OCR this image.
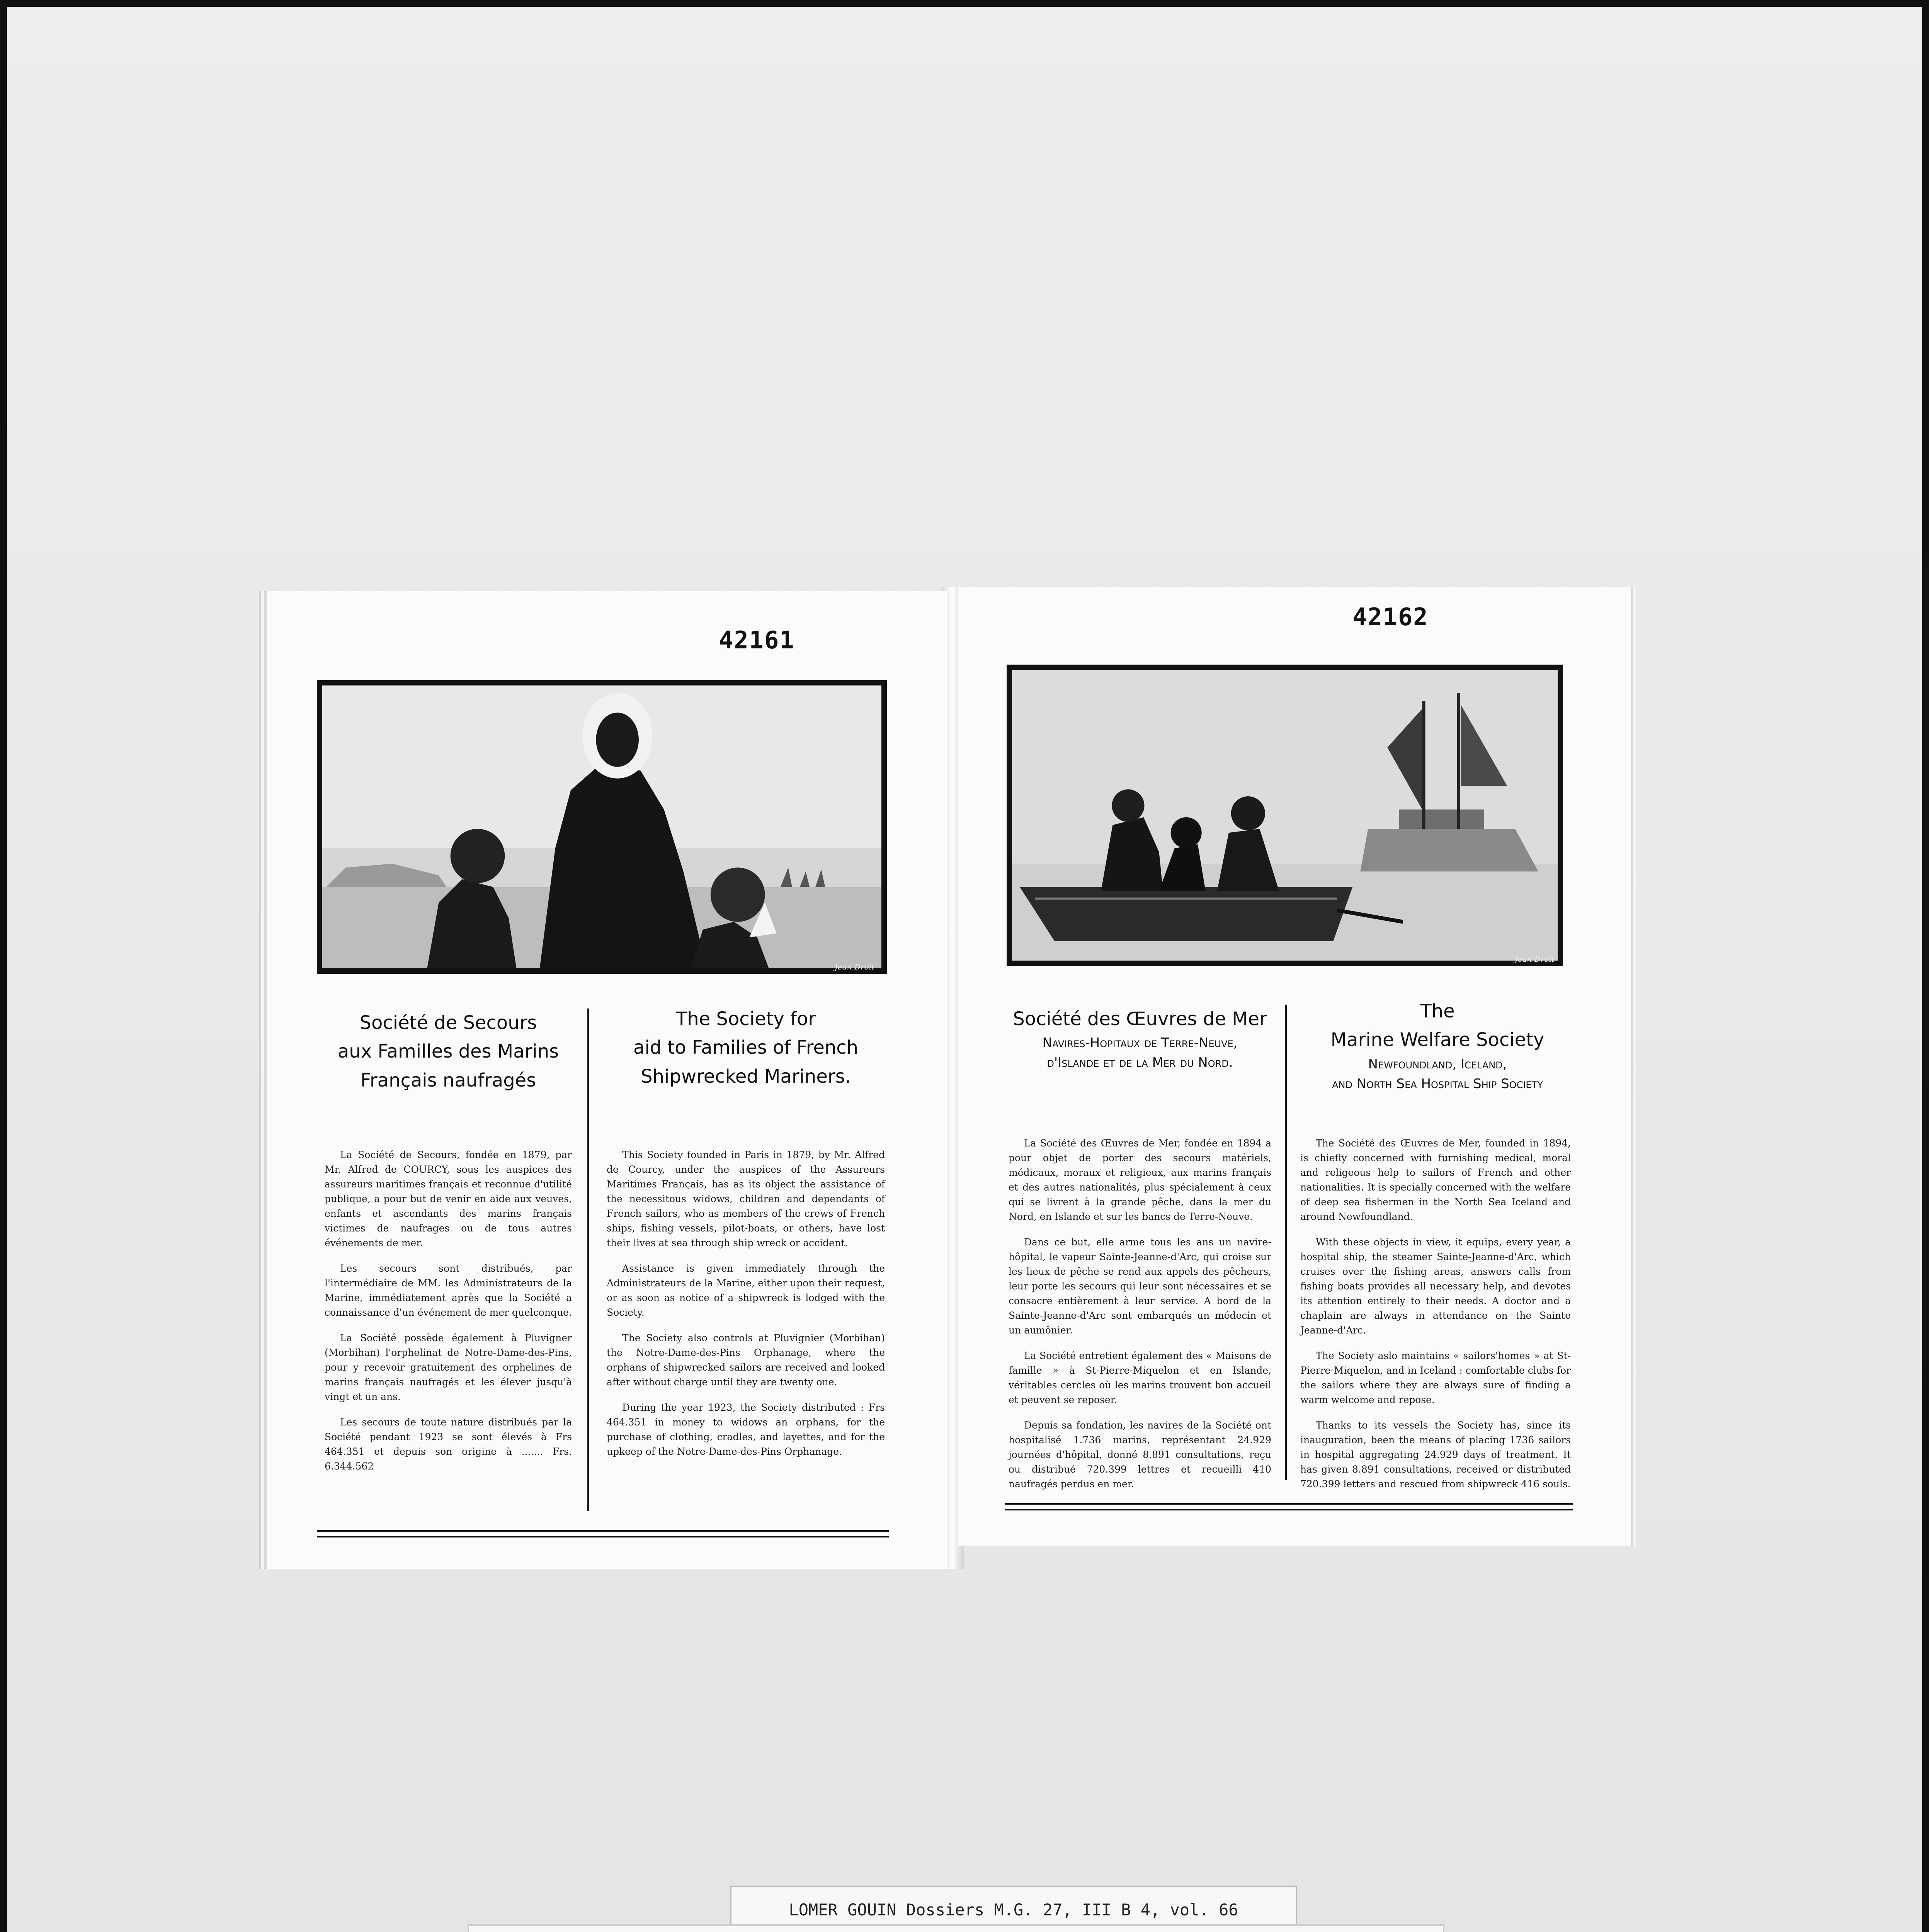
42161
Jean Droit
Société de Secours
aux Familles des Marins
Français naufragés
The Society for
aid to Families of French
Shipwrecked Mariners.

La Société de Secours, fondée en 1879, par Mr. Alfred de COURCY, sous les auspices des assureurs maritimes français et reconnue d'utilité publique, a pour but de venir en aide aux veuves, enfants et ascendants des marins français victimes de naufrages ou de tous autres événements de mer.

Les secours sont distribués, par l'intermédiaire de MM. les Administrateurs de la Marine, immédiatement après que la Société a connaissance d'un événement de mer quelconque.

La Société possède également à Pluvigner (Morbihan) l'orphelinat de Notre-Dame-des-Pins, pour y recevoir gratuitement des orphelines de marins français naufragés et les élever jusqu'à vingt et un ans.

Les secours de toute nature distribués par la Société pendant 1923 se sont élevés à Frs 464.351 et depuis son origine à ....... Frs. 6.344.562

This Society founded in Paris in 1879, by Mr. Alfred de Courcy, under the auspices of the Assureurs Maritimes Français, has as its object the assistance of the necessitous widows, children and dependants of French sailors, who as members of the crews of French ships, fishing vessels, pilot-boats, or others, have lost their lives at sea through ship wreck or accident.

Assistance is given immediately through the Administrateurs de la Marine, either upon their request, or as soon as notice of a shipwreck is lodged with the Society.

The Society also controls at Pluvignier (Morbihan) the Notre-Dame-des-Pins Orphanage, where the orphans of shipwrecked sailors are received and looked after without charge until they are twenty one.

During the year 1923, the Society distributed : Frs 464.351 in money to widows an orphans, for the purchase of clothing, cradles, and layettes, and for the upkeep of the Notre-Dame-des-Pins Orphanage.

42162
Jean Droit
Société des Œuvres de Mer
Navires-Hopitaux de Terre-Neuve,
d'Islande et de la Mer du Nord.
The
Marine Welfare Society
Newfoundland, Iceland,
and North Sea Hospital Ship Society

La Société des Œuvres de Mer, fondée en 1894 a pour objet de porter des secours matériels, médicaux, moraux et religieux, aux marins français et des autres nationalités, plus spécialement à ceux qui se livrent à la grande pêche, dans la mer du Nord, en Islande et sur les bancs de Terre-Neuve.

Dans ce but, elle arme tous les ans un navire-hôpital, le vapeur Sainte-Jeanne-d'Arc, qui croise sur les lieux de pêche se rend aux appels des pêcheurs, leur porte les secours qui leur sont nécessaires et se consacre entièrement à leur service. A bord de la Sainte-Jeanne-d'Arc sont embarqués un médecin et un aumônier.

La Société entretient également des « Maisons de famille » à St-Pierre-Miquelon et en Islande, véritables cercles où les marins trouvent bon accueil et peuvent se reposer.

Depuis sa fondation, les navires de la Société ont hospitalisé 1.736 marins, représentant 24.929 journées d'hôpital, donné 8.891 consultations, reçu ou distribué 720.399 lettres et recueilli 410 naufragés perdus en mer.

The Société des Œuvres de Mer, founded in 1894, is chiefly concerned with furnishing medical, moral and religeous help to sailors of French and other nationalities. It is specially concerned with the welfare of deep sea fishermen in the North Sea Iceland and around Newfoundland.

With these objects in view, it equips, every year, a hospital ship, the steamer Sainte-Jeanne-d'Arc, which cruises over the fishing areas, answers calls from fishing boats provides all necessary help, and devotes its attention entirely to their needs. A doctor and a chaplain are always in attendance on the Sainte Jeanne-d'Arc.

The Society aslo maintains « sailors'homes » at St-Pierre-Miquelon, and in Iceland : comfortable clubs for the sailors where they are always sure of finding a warm welcome and repose.

Thanks to its vessels the Society has, since its inauguration, been the means of placing 1736 sailors in hospital aggregating 24.929 days of treatment. It has given 8.891 consultations, received or distributed 720.399 letters and rescued from shipwreck 416 souls.

LOMER GOUIN Dossiers M.G. 27, III B 4, vol. 66
